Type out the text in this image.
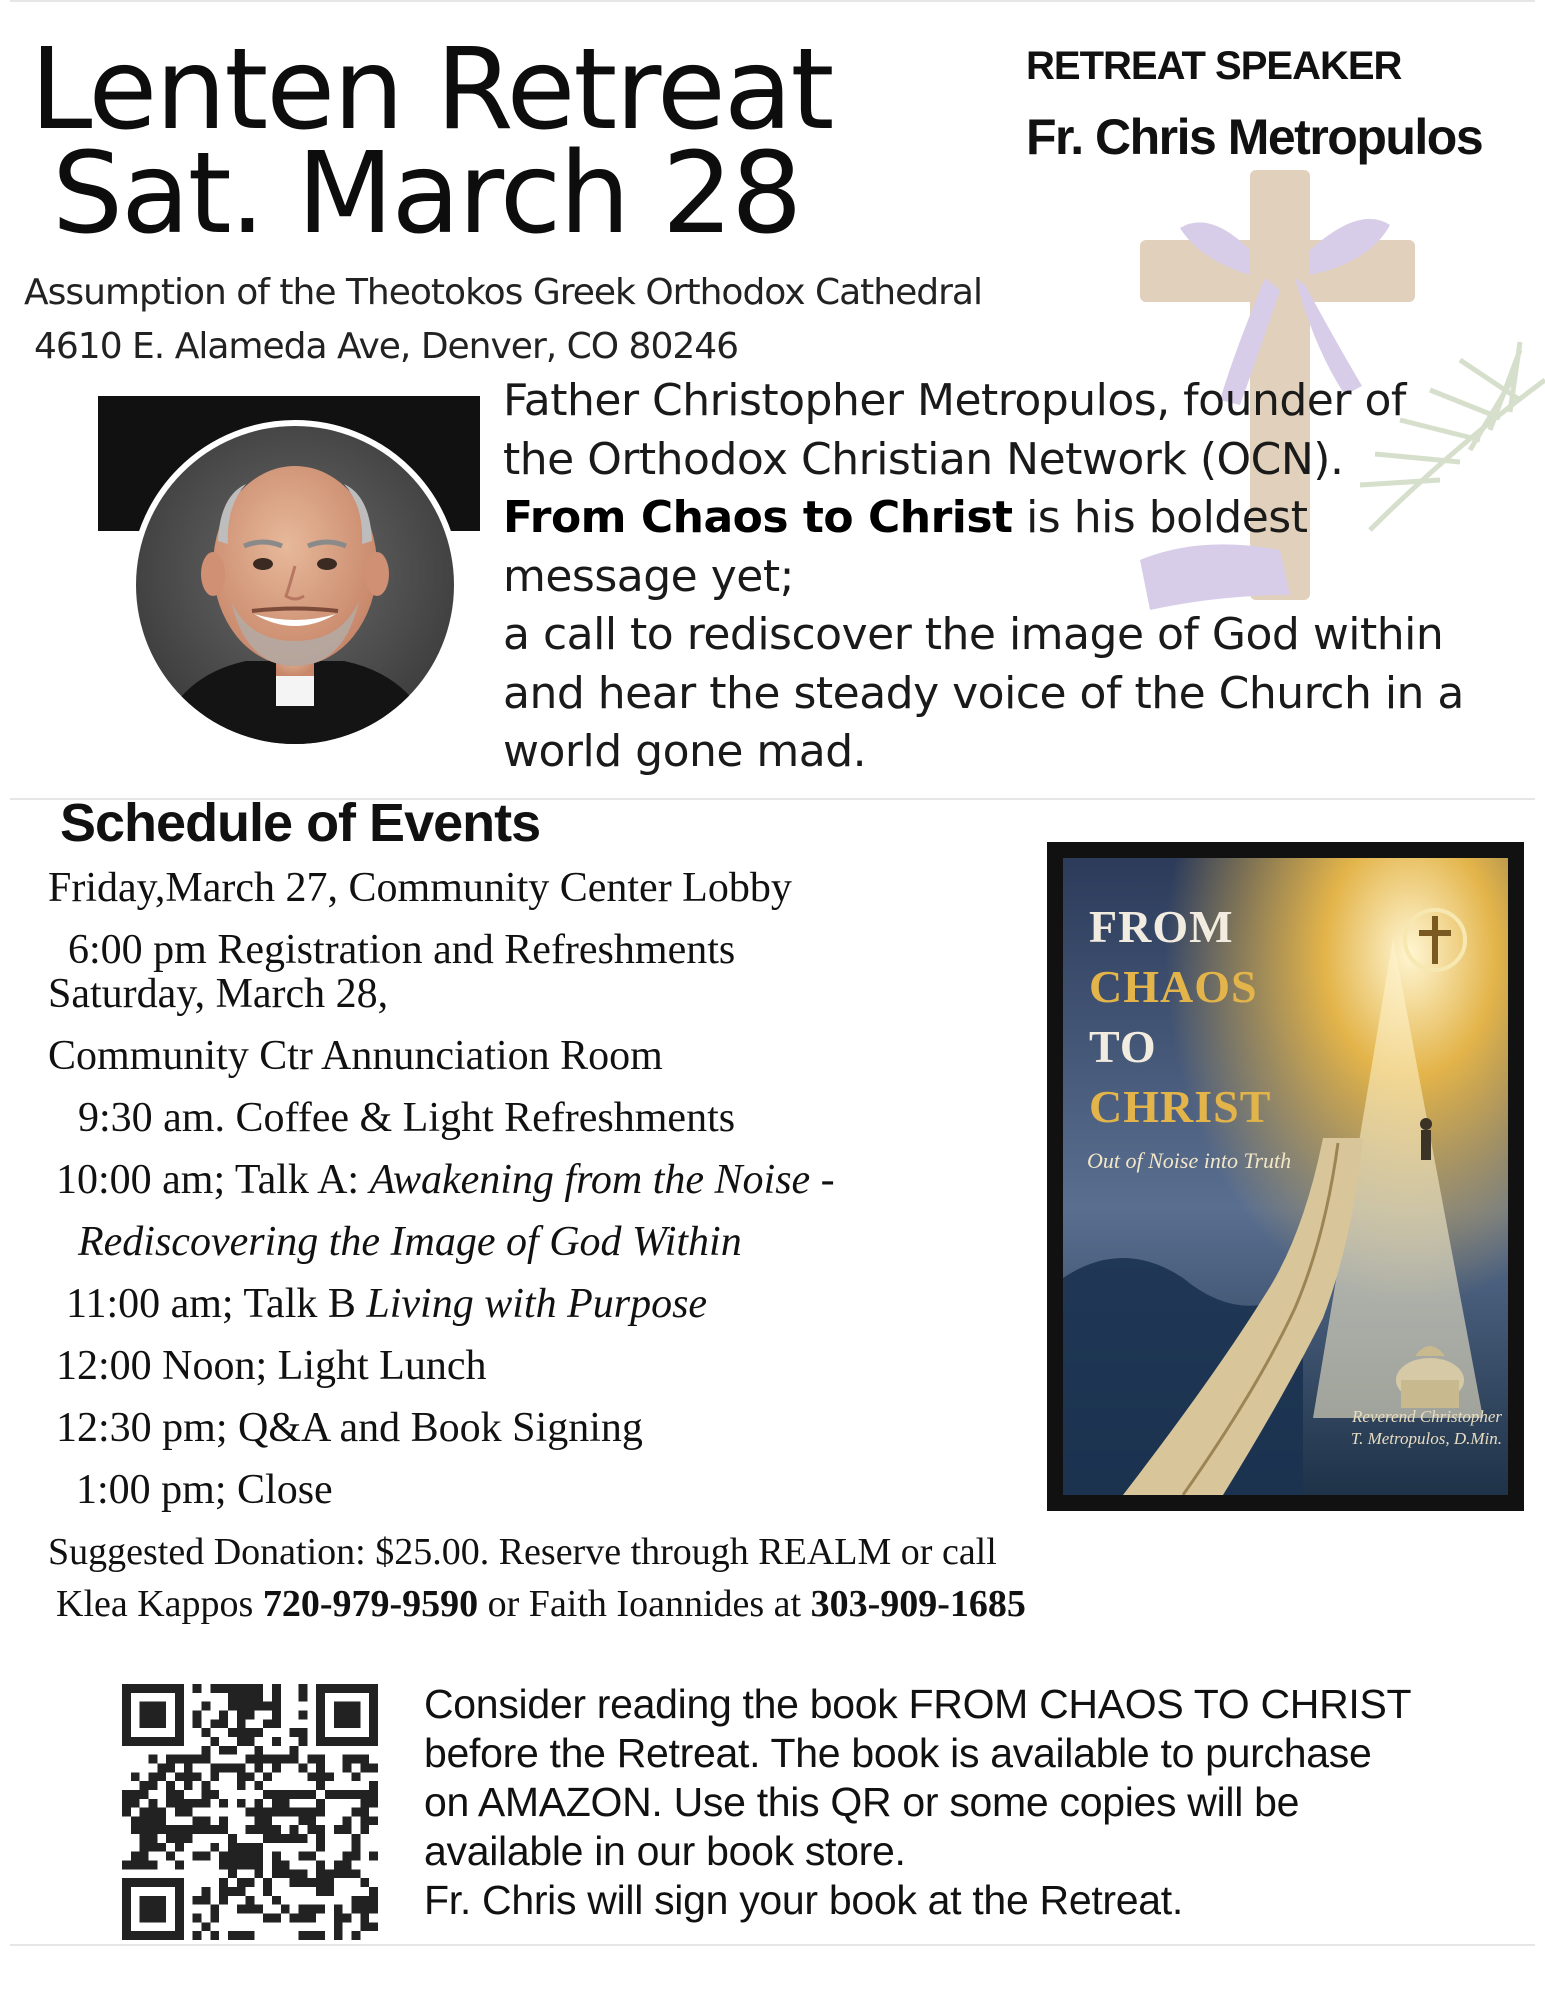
Lenten Retreat
Sat. March 28
RETREAT SPEAKER
Fr. Chris Metropulos
Assumption of the Theotokos Greek Orthodox Cathedral
4610 E. Alameda Ave, Denver, CO 80246

Father Christopher Metropulos, founder of

the Orthodox Christian Network (OCN).

From Chaos to Christ is his boldest

message yet;

a call to rediscover the image of God within

and hear the steady voice of the Church in a

world gone mad.

Schedule of Events
Friday,March 27, Community Center Lobby
6:00 pm Registration and Refreshments
Saturday, March 28,
Community Ctr Annunciation Room
9:30 am. Coffee & Light Refreshments
10:00 am; Talk A: Awakening from the Noise -
Rediscovering the Image of God Within
11:00 am; Talk B Living with Purpose
12:00 Noon; Light Lunch
12:30 pm; Q&A and Book Signing
1:00 pm; Close
FROM
CHAOS
TO
CHRIST
Out of Noise into Truth
Reverend Christopher
T. Metropulos, D.Min.
Suggested Donation: $25.00. Reserve through REALM or call
Klea Kappos 720-979-9590 or Faith Ioannides at 303-909-1685
Consider reading the book FROM CHAOS TO CHRIST
before the Retreat. The book is available to purchase
on AMAZON. Use this QR or some copies will be
available in our book store.
Fr. Chris will sign your book at the Retreat.
